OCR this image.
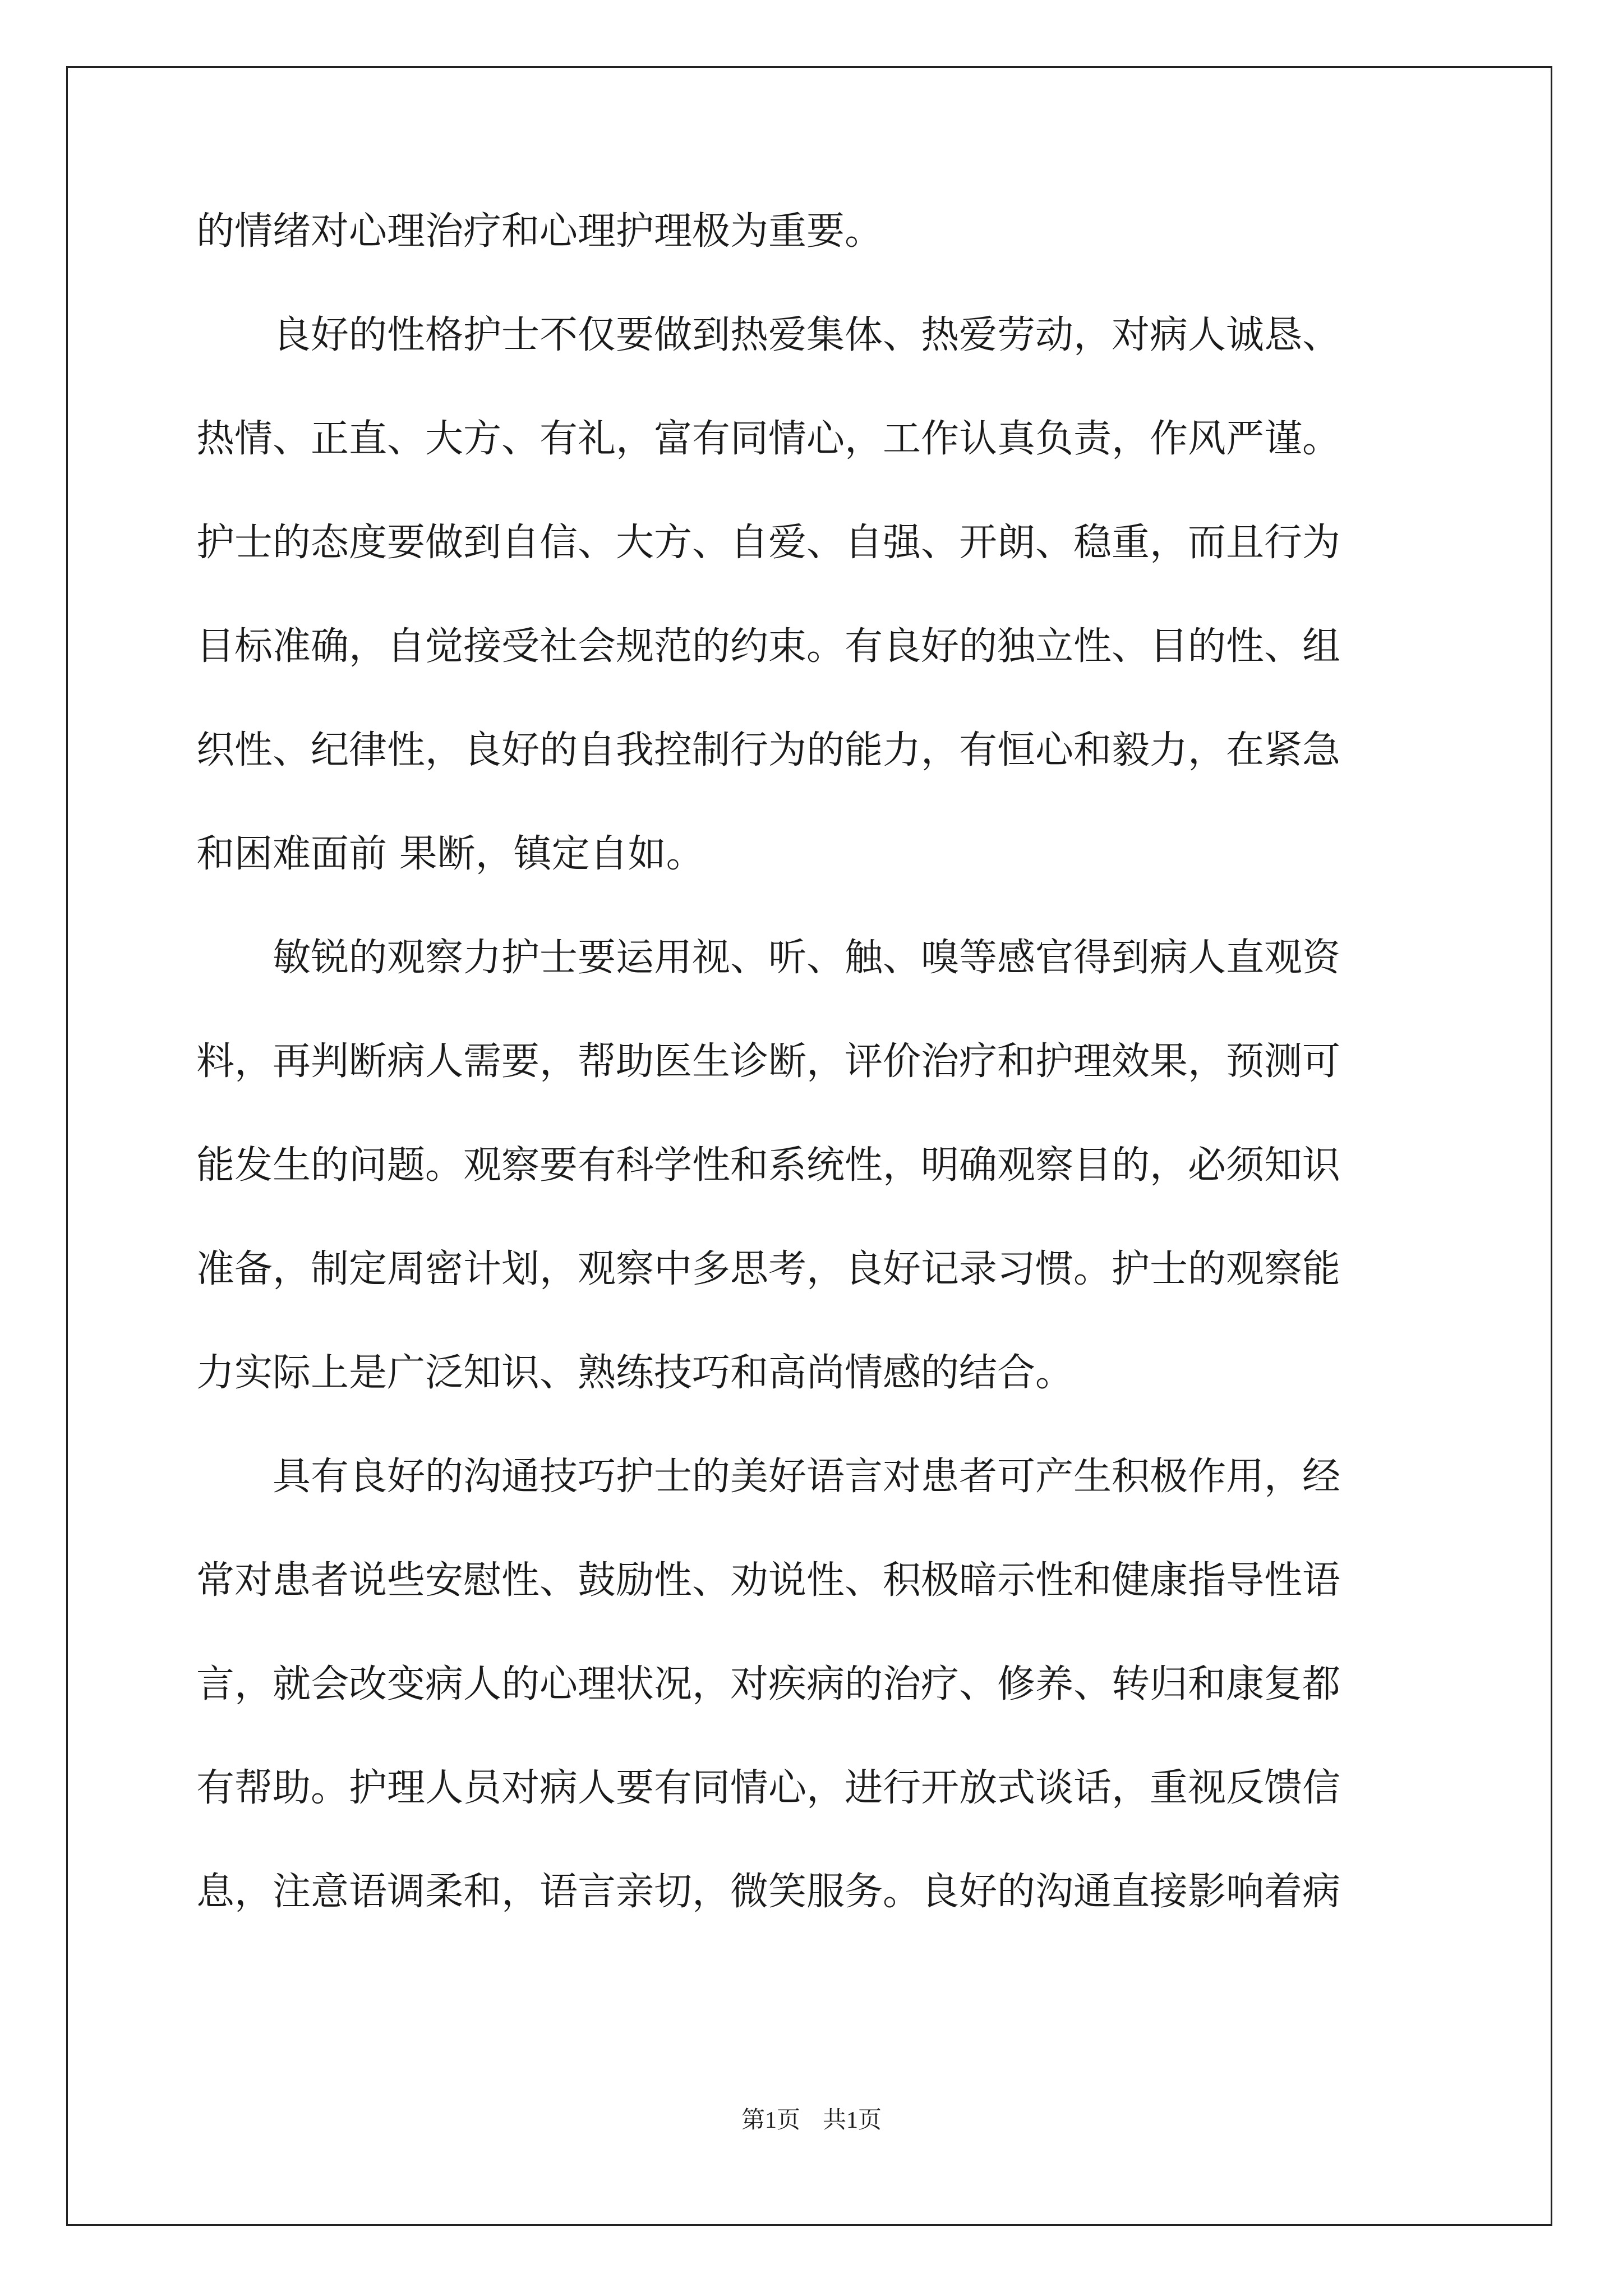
的情绪对心理治疗和心理护理极为重要。
　　良好的性格护士不仅要做到热爱集体、热爱劳动，对病人诚恳、
热情、正直、大方、有礼，富有同情心，工作认真负责，作风严谨。
护士的态度要做到自信、大方、自爱、自强、开朗、稳重，而且行为
目标准确，自觉接受社会规范的约束。有良好的独立性、目的性、组
织性、纪律性，良好的自我控制行为的能力，有恒心和毅力，在紧急
和困难面前 果断，镇定自如。
　　敏锐的观察力护士要运用视、听、触、嗅等感官得到病人直观资
料，再判断病人需要，帮助医生诊断，评价治疗和护理效果，预测可
能发生的问题。观察要有科学性和系统性，明确观察目的，必须知识
准备，制定周密计划，观察中多思考，良好记录习惯。护士的观察能
力实际上是广泛知识、熟练技巧和高尚情感的结合。
　　具有良好的沟通技巧护士的美好语言对患者可产生积极作用，经
常对患者说些安慰性、鼓励性、劝说性、积极暗示性和健康指导性语
言，就会改变病人的心理状况，对疾病的治疗、修养、转归和康复都
有帮助。护理人员对病人要有同情心，进行开放式谈话，重视反馈信
息，注意语调柔和，语言亲切，微笑服务。良好的沟通直接影响着病
第1页 共1页
